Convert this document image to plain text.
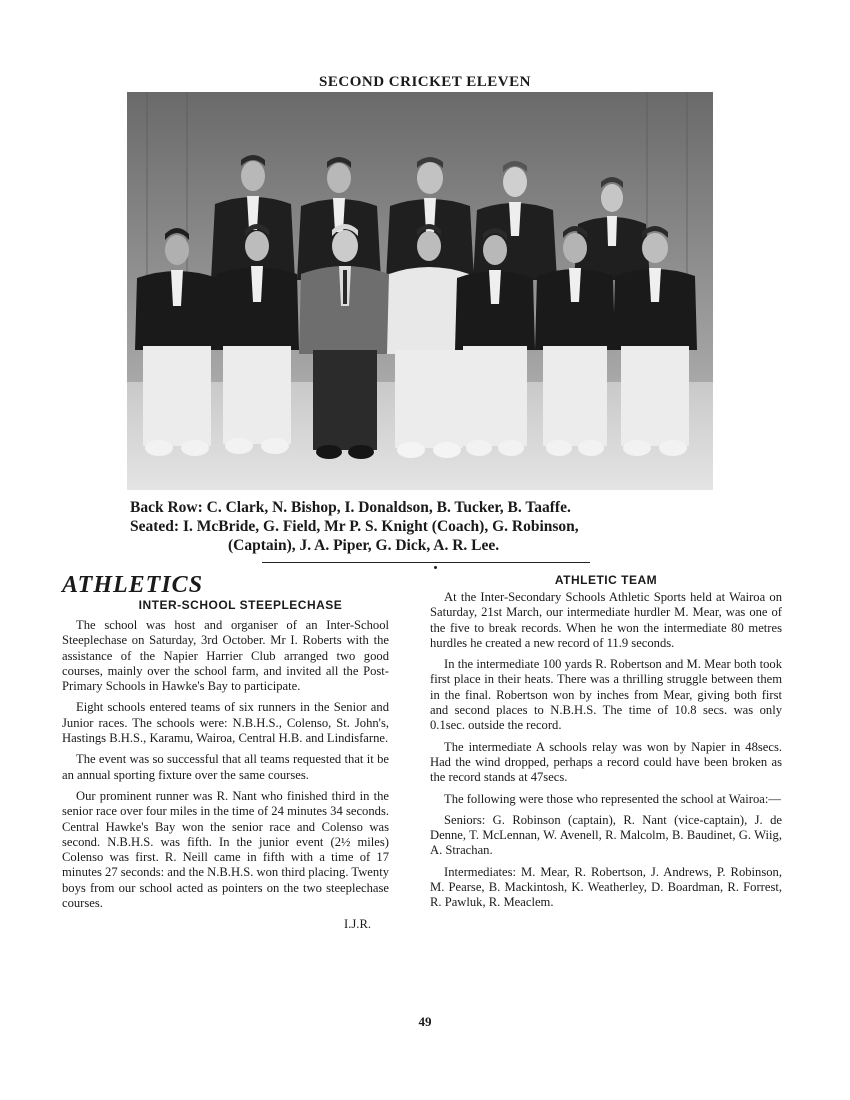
SECOND CRICKET ELEVEN
Back Row: C. Clark, N. Bishop, I. Donaldson, B. Tucker, B. Taaffe.
Seated: I. McBride, G. Field, Mr P. S. Knight (Coach), G. Robinson,
(Captain), J. A. Piper, G. Dick, A. R. Lee.
ATHLETICS
INTER-SCHOOL STEEPLECHASE

The school was host and organiser of an Inter-School Steeplechase on Saturday, 3rd October. Mr I. Roberts with the assistance of the Napier Harrier Club arranged two good courses, mainly over the school farm, and invited all the Post-Primary Schools in Hawke's Bay to participate.

Eight schools entered teams of six runners in the Senior and Junior races. The schools were: N.B.H.S., Colenso, St. John's, Hastings B.H.S., Karamu, Wairoa, Central H.B. and Lindisfarne.

The event was so successful that all teams requested that it be an annual sporting fixture over the same courses.

Our prominent runner was R. Nant who finished third in the senior race over four miles in the time of 24 minutes 34 seconds. Central Hawke's Bay won the senior race and Colenso was second. N.B.H.S. was fifth. In the junior event (2½ miles) Colenso was first. R. Neill came in fifth with a time of 17 minutes 27 seconds: and the N.B.H.S. won third placing. Twenty boys from our school acted as pointers on the two steeplechase courses.

I.J.R.

ATHLETIC TEAM

At the Inter-Secondary Schools Athletic Sports held at Wairoa on Saturday, 21st March, our intermediate hurdler M. Mear, was one of the five to break records. When he won the intermediate 80 metres hurdles he created a new record of 11.9 seconds.

In the intermediate 100 yards R. Robertson and M. Mear both took first place in their heats. There was a thrilling struggle between them in the final. Robertson won by inches from Mear, giving both first and second places to N.B.H.S. The time of 10.8 secs. was only 0.1sec. outside the record.

The intermediate A schools relay was won by Napier in 48secs. Had the wind dropped, perhaps a record could have been broken as the record stands at 47secs.

The following were those who represented the school at Wairoa:—

Seniors: G. Robinson (captain), R. Nant (vice-captain), J. de Denne, T. McLennan, W. Avenell, R. Malcolm, B. Baudinet, G. Wiig, A. Strachan.

Intermediates: M. Mear, R. Robertson, J. Andrews, P. Robinson, M. Pearse, B. Mackintosh, K. Weatherley, D. Boardman, R. Forrest, R. Pawluk, R. Meaclem.

49
